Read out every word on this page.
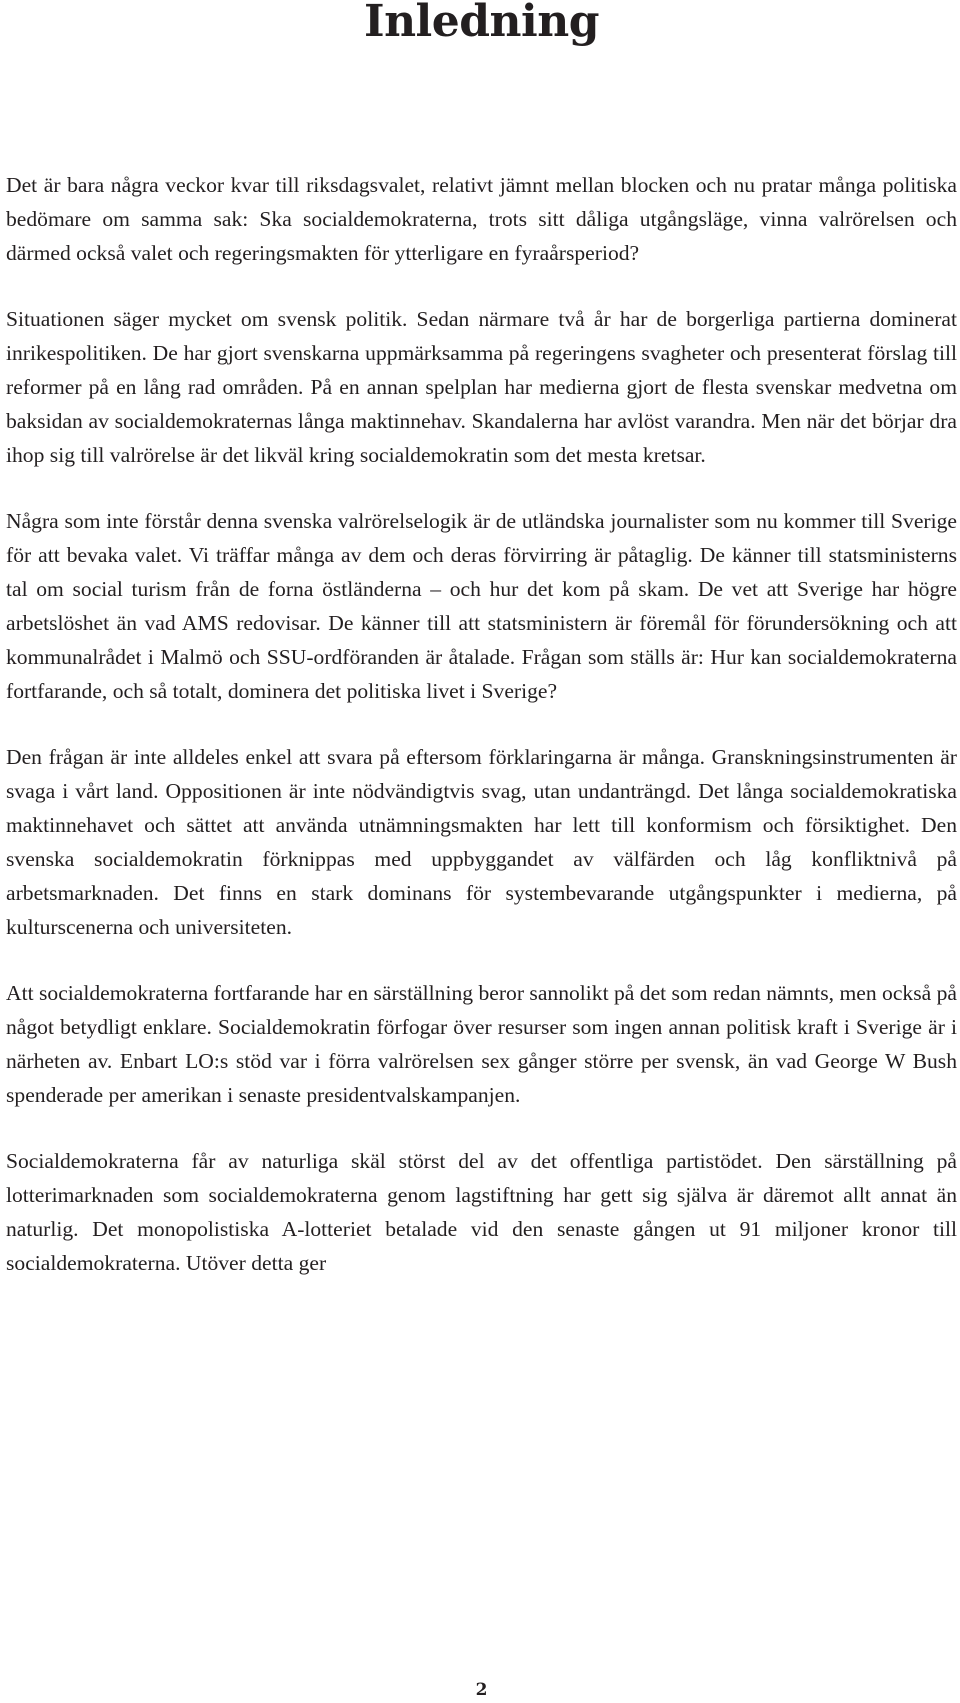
Inledning

Det är bara några veckor kvar till riksdagsvalet, relativt jämnt mellan blocken och nu pratar många politiska bedömare om samma sak: Ska socialdemokraterna, trots sitt dåliga utgångsläge, vinna valrörelsen och därmed också valet och regeringsmakten för ytterligare en fyraårsperiod?

Situationen säger mycket om svensk politik. Sedan närmare två år har de borgerliga partierna dominerat inrikespolitiken. De har gjort svenskarna uppmärksamma på regeringens svagheter och presenterat förslag till reformer på en lång rad områden. På en annan spelplan har medierna gjort de flesta svenskar medvetna om baksidan av socialdemokraternas långa maktinnehav. Skandalerna har avlöst varandra. Men när det börjar dra ihop sig till valrörelse är det likväl kring socialdemokratin som det mesta kretsar.

Några som inte förstår denna svenska valrörelselogik är de utländska journalister som nu kommer till Sverige för att bevaka valet. Vi träffar många av dem och deras förvirring är påtaglig. De känner till statsministerns tal om social turism från de forna östländerna – och hur det kom på skam. De vet att Sverige har högre arbetslöshet än vad AMS redovisar. De känner till att statsministern är föremål för förundersökning och att kommunalrådet i Malmö och SSU-ordföranden är åtalade. Frågan som ställs är: Hur kan socialdemokraterna fortfarande, och så totalt, dominera det politiska livet i Sverige?

Den frågan är inte alldeles enkel att svara på eftersom förklaringarna är många. Granskningsinstrumenten är svaga i vårt land. Oppositionen är inte nödvändigtvis svag, utan undanträngd. Det långa socialdemokratiska maktinnehavet och sättet att använda utnämningsmakten har lett till konformism och försiktighet. Den svenska socialdemokratin förknippas med uppbyggandet av välfärden och låg konfliktnivå på arbetsmarknaden. Det finns en stark dominans för systembevarande utgångspunkter i medierna, på kulturscenerna och universiteten.

Att socialdemokraterna fortfarande har en särställning beror sannolikt på det som redan nämnts, men också på något betydligt enklare. Socialdemokratin förfogar över resurser som ingen annan politisk kraft i Sverige är i närheten av. Enbart LO:s stöd var i förra valrörelsen sex gånger större per svensk, än vad George W Bush spenderade per amerikan i senaste presidentvalskampanjen.

Socialdemokraterna får av naturliga skäl störst del av det offentliga partistödet. Den särställning på lotterimarknaden som socialdemokraterna genom lagstiftning har gett sig själva är däremot allt annat än naturlig. Det monopolistiska A-lotteriet betalade vid den senaste gången ut 91 miljoner kronor till socialdemokraterna. Utöver detta ger

2
